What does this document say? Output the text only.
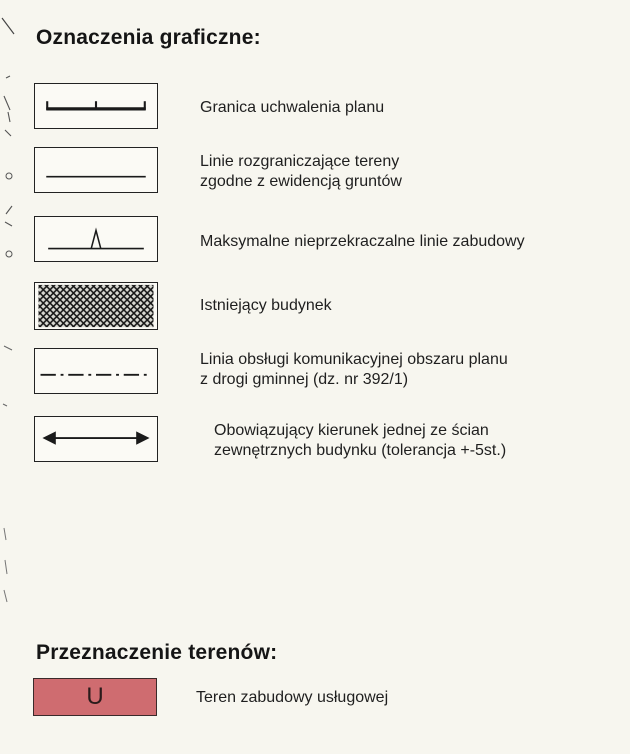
Oznaczenia graficzne:
Granica uchwalenia planu
Linie rozgraniczające tereny
zgodne z ewidencją gruntów
Maksymalne nieprzekraczalne linie zabudowy
Istniejący budynek
Linia obsługi komunikacyjnej obszaru planu
z drogi gminnej (dz. nr 392/1)
Obowiązujący kierunek jednej ze ścian
zewnętrznych budynku (tolerancja +-5st.)
Przeznaczenie terenów:
U	Teren zabudowy usługowej
